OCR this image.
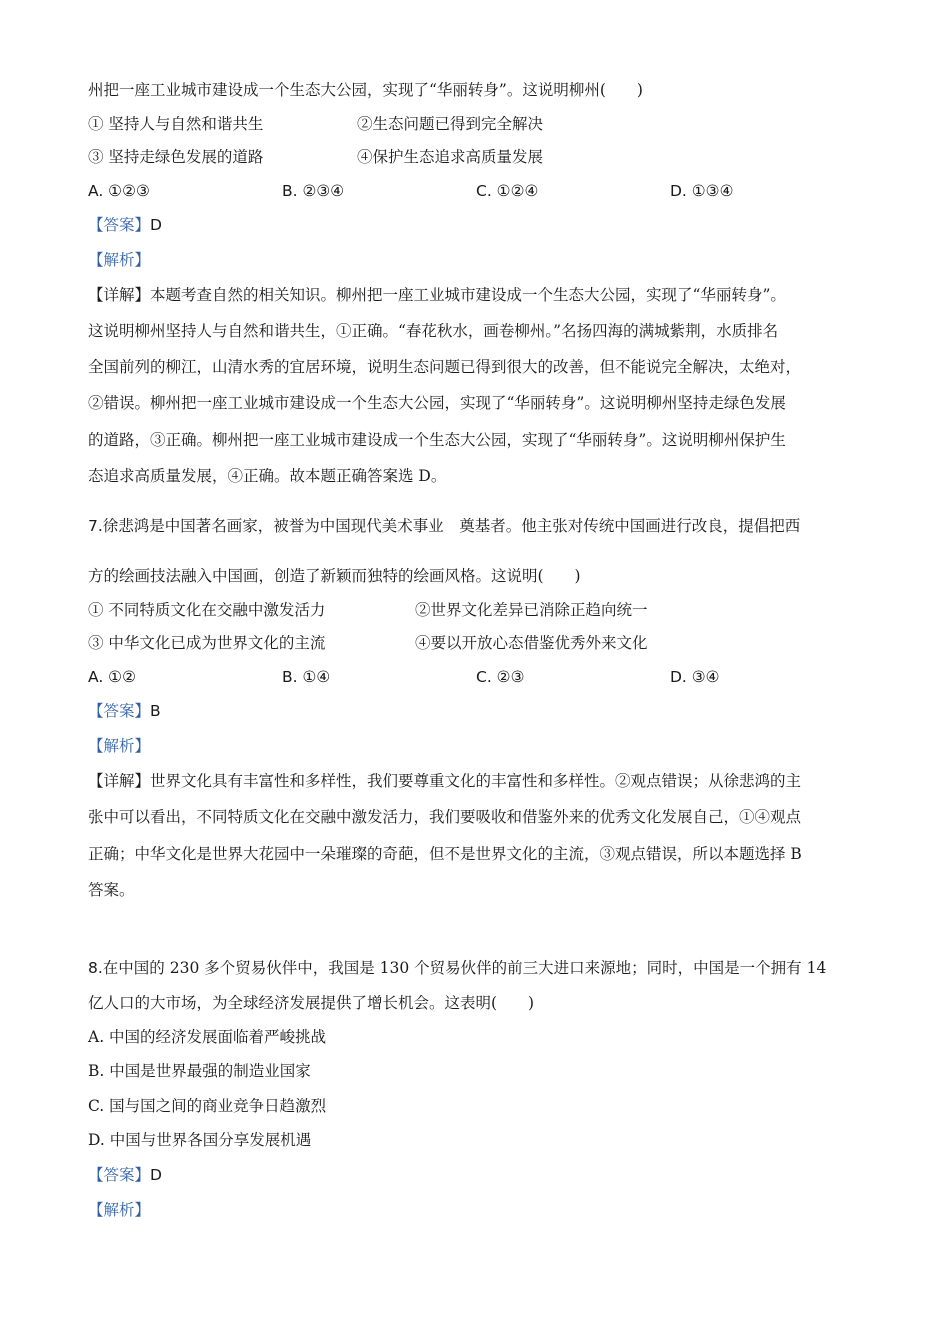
州把一座工业城市建设成一个生态大公园，实现了“华丽转身”。这说明柳州(　　)
① 坚持人与自然和谐共生	②生态问题已得到完全解决
③ 坚持走绿色发展的道路	④保护生态追求高质量发展
A. ①②③	B. ②③④	C. ①②④	D. ①③④
【答案】D
【解析】
【详解】本题考查自然的相关知识。柳州把一座工业城市建设成一个生态大公园，实现了“华丽转身”。
这说明柳州坚持人与自然和谐共生，①正确。“春花秋水，画卷柳州。”名扬四海的满城紫荆，水质排名
全国前列的柳江，山清水秀的宜居环境，说明生态问题已得到很大的改善，但不能说完全解决，太绝对，
②错误。柳州把一座工业城市建设成一个生态大公园，实现了“华丽转身”。这说明柳州坚持走绿色发展
的道路，③正确。柳州把一座工业城市建设成一个生态大公园，实现了“华丽转身”。这说明柳州保护生
态追求高质量发展，④正确。故本题正确答案选 D。
7.徐悲鸿是中国著名画家，被誉为中国现代美术事业　奠基者。他主张对传统中国画进行改良，提倡把西
方的绘画技法融入中国画，创造了新颖而独特的绘画风格。这说明(　　)
① 不同特质文化在交融中激发活力	②世界文化差异已消除正趋向统一
③ 中华文化已成为世界文化的主流	④要以开放心态借鉴优秀外来文化
A. ①②	B. ①④	C. ②③	D. ③④
【答案】B
【解析】
【详解】世界文化具有丰富性和多样性，我们要尊重文化的丰富性和多样性。②观点错误；从徐悲鸿的主
张中可以看出，不同特质文化在交融中激发活力，我们要吸收和借鉴外来的优秀文化发展自己，①④观点
正确；中华文化是世界大花园中一朵璀璨的奇葩，但不是世界文化的主流，③观点错误，所以本题选择 B
答案。
8.在中国的 230 多个贸易伙伴中，我国是 130 个贸易伙伴的前三大进口来源地；同时，中国是一个拥有 14
亿人口的大市场，为全球经济发展提供了增长机会。这表明(　　)
A. 中国的经济发展面临着严峻挑战
B. 中国是世界最强的制造业国家
C. 国与国之间的商业竞争日趋激烈
D. 中国与世界各国分享发展机遇
【答案】D
【解析】
